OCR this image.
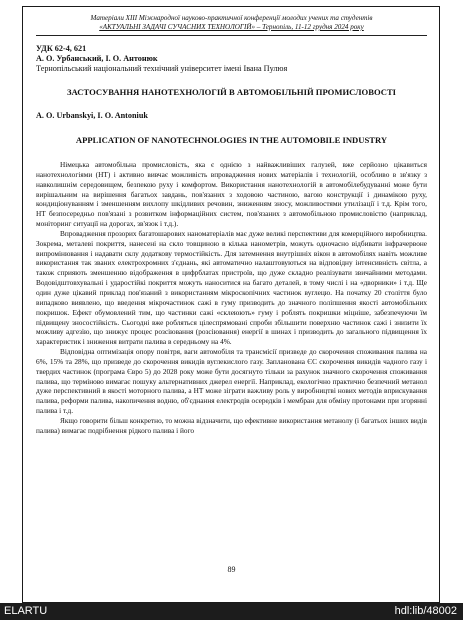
Матеріали XIII Міжнародної науково-практичної конференції молодих учених та студентів
«АКТУАЛЬНІ ЗАДАЧІ СУЧАСНИХ ТЕХНОЛОГІЙ» – Тернопіль, 11-12 грудня 2024 року
УДК 62-4, 621
А. О. Урбанський, І. О. Антонюк
Тернопільський національний технічний університет імені Івана Пулюя
ЗАСТОСУВАННЯ НАНОТЕХНОЛОГІЙ В АВТОМОБІЛЬНІЙ ПРОМИСЛОВОСТІ
A. O. Urbanskyi, I. O. Antoniuk
APPLICATION OF NANOTECHNOLOGIES IN THE AUTOMOBILE INDUSTRY

Німецька автомобільна промисловість, яка є однією з найважливіших галузей, вже серйозно цікавиться нанотехнологіями (НТ) і активно вивчає можливість впровадження нових матеріалів і технологій, особливо в зв'язку з навколишнім середовищем, безпекою руху і комфортом. Використання нанотехнологій в автомобілебудуванні може бути вирішальним на вирішення багатьох завдань, пов'язаних з ходовою частиною, вагою конструкції і динамікою руху, кондиціонуванням і зменшенням вихлопу шкідливих речовин, зниженням зносу, можливостями утилізації і т.д. Крім того, НТ безпосередньо пов'язані з розвитком інформаційних систем, пов'язаних з автомобільною промисловістю (наприклад, моніторинг ситуації на дорогах, зв'язок і т.д.).

Впровадження прозорих багатошарових наноматеріалів має дуже великі перспективи для комерційного виробництва. Зокрема, металеві покриття, нанесені на скло товщиною в кілька нанометрів, можуть одночасно відбивати інфрачервоне випромінювання і надавати склу додаткову термостійкість. Для затемнення внутрішніх вікон в автомобілях навіть можливе використання так званих електрохромних з'єднань, які автоматично налаштовуються на відповідну інтенсивність світла, а також сприяють зменшенню відображення в цифрблатах пристроїв, що дуже складно реалізувати звичайними методами. Водовідштовхувальні і ударостійкі покриття можуть наноситися на багато деталей, в тому числі і на «дворники» і т.д. Ще один дуже цікавий приклад пов'язаний з використанням мікроскопічних частинок вуглецю. На початку 20 століття було випадково виявлено, що введення мікрочастинок сажі в гуму призводить до значного поліпшення якості автомобільних покришок. Ефект обумовлений тим, що частинки сажі «склеюють» гуму і роблять покришки міцніше, забезпечуючи їм підвищену зносостійкість. Сьогодні вже робляться цілеспрямовані спроби збільшити поверхню частинок сажі і знизити їх можливу адгезію, що знижує процес розсіювання (розсіювання) енергії в шинах і призводить до загального підвищення їх характеристик і зниження витрати палива в середньому на 4%.

Відповідна оптимізація опору повітря, ваги автомобіля та трансмісії призведе до скорочення споживання палива на 6%, 15% та 28%, що призведе до скорочення викидів вуглекислого газу. Запланована ЄС скорочення викидів чадного газу і твердих частинок (програма Євро 5) до 2028 року може бути досягнуто тільки за рахунок значного скорочення споживання палива, що терміново вимагає пошуку альтернативних джерел енергії. Наприклад, екологічно практично безпечний метанол дуже перспективний в якості моторного палива, а НТ може зіграти важливу роль у виробництві нових методів вприскування палива, реформи палива, накопичення водню, об'єднання електродів осередків і мембран для обміну протонами при згорянні палива і т.д.

Якщо говорити більш конкретно, то можна відзначити, що ефективне використання метанолу (і багатьох інших видів палива) вимагає подрібнення рідкого палива і його

89
ELARTU	hdl:lib/48002
